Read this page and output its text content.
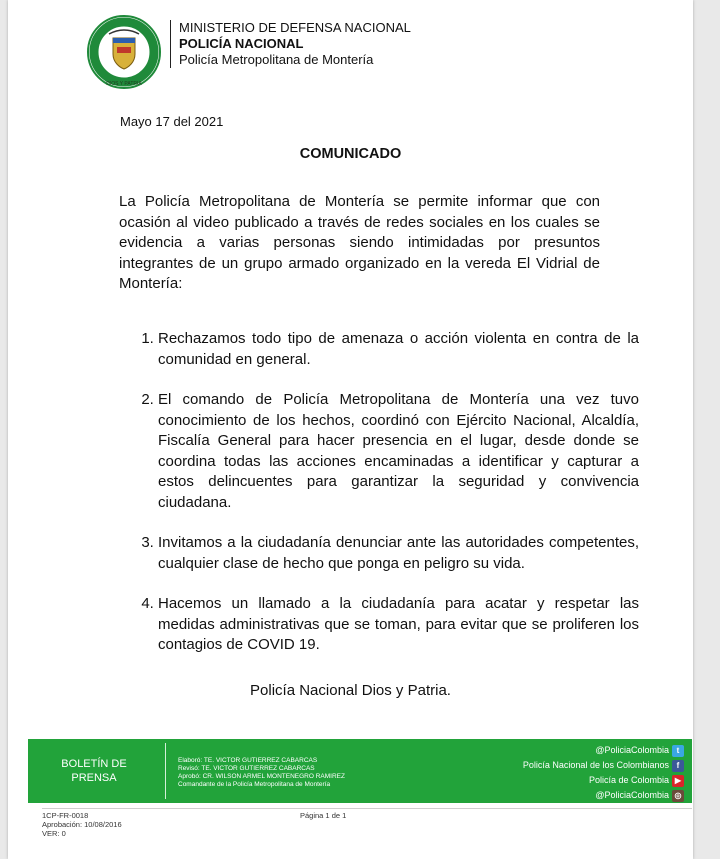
DIOS Y PATRIA
MINISTERIO DE DEFENSA NACIONAL
POLICÍA NACIONAL
Policía Metropolitana de Montería
Mayo 17 del 2021
COMUNICADO
La Policía Metropolitana de Montería se permite informar que con ocasión al video publicado a través de redes sociales en los cuales se evidencia a varias personas siendo intimidadas por presuntos integrantes de un grupo armado organizado en la vereda El Vidrial de Montería:
1. Rechazamos todo tipo de amenaza o acción violenta en contra de la comunidad en general.
2. El comando de Policía Metropolitana de Montería una vez tuvo conocimiento de los hechos, coordinó con Ejército Nacional, Alcaldía, Fiscalía General para hacer presencia en el lugar, desde donde se coordina todas las acciones encaminadas a identificar y capturar a estos delincuentes para garantizar la seguridad y convivencia ciudadana.
3. Invitamos a la ciudadanía denunciar ante las autoridades competentes, cualquier clase de hecho que ponga en peligro su vida.
4. Hacemos un llamado a la ciudadanía para acatar y respetar las medidas administrativas que se toman, para evitar que se proliferen los contagios de COVID 19.
Policía Nacional Dios y Patria.
BOLETÍN DE
PRENSA
Elaboró: TE. VICTOR GUTIERREZ CABARCAS
Revisó: TE. VICTOR GUTIERREZ CABARCAS
Aprobó: CR. WILSON ARMEL MONTENEGRO RAMIREZ
Comandante de la Policía Metropolitana de Montería
@PoliciaColombia t
Policía Nacional de los Colombianos f
Policía de Colombia ▶
@PoliciaColombia ◎
1CP-FR-0018
Aprobación: 10/08/2016
VER: 0
Página 1 de 1
